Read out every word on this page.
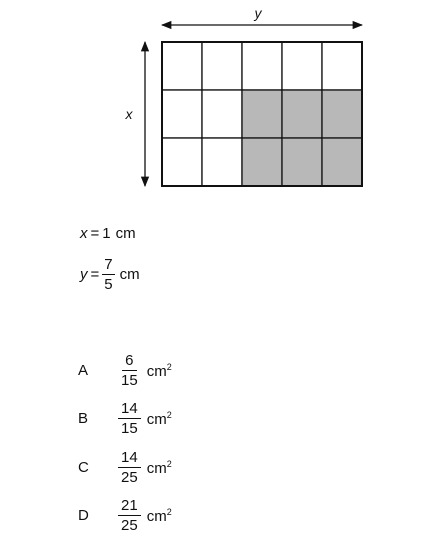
y
x
x = 1 cm
$y = \frac{7}{5}$ cm
A	$\frac{6}{15} cm^2$
B	$\frac{14}{15} cm^2$
C	$\frac{14}{25} cm^2$
D	$\frac{21}{25} cm^2$
